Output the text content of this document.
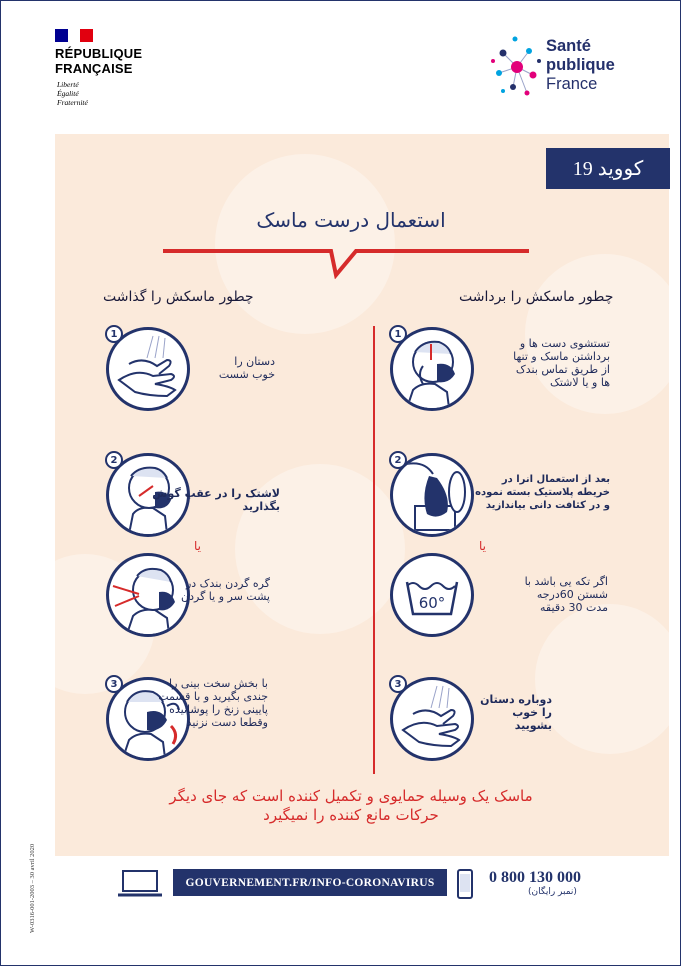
RÉPUBLIQUE
FRANÇAISE
Liberté
Égalité
Fraternité
Santé
publique
France
کووید 19
استعمال درست ماسک
چطور ماسکش را گذاشت	چطور ماسکش را برداشت
1
دستان را
خوب شست
2
لاشتک را در عقب گوش
بگذارید
یا
گره گردن بندک در
پشت سر و یا گردن
3	با بخش سخت بینی را
جندی بگیرید و با قسمت
پایینی زنخ را پوشانیده
وقطعا دست نزنید
1
تستشوی دست ها و
برداشتن ماسک و تنها
از طریق تماس بندک
ها و یا لاشتک
2
بعد از استعمال انرا در
خریطه پلاستیک بسته نموده
و در کثافت دانی بیاندازید
یا
60°
اگر تکه یی باشد با
شستن 60درجه
مدت 30 دقیقه
3
دوباره دستان
را خوب
بشویید
ماسک یک وسیله حمایوی و تکمیل کننده است که جای دیگر
حرکات مانع کننده را نمیگیرد
GOUVERNEMENT.FR/INFO-CORONAVIRUS	0 800 130 000
(نمبر رایگان)
W-0316-001-2003 – 30 avril 2020
